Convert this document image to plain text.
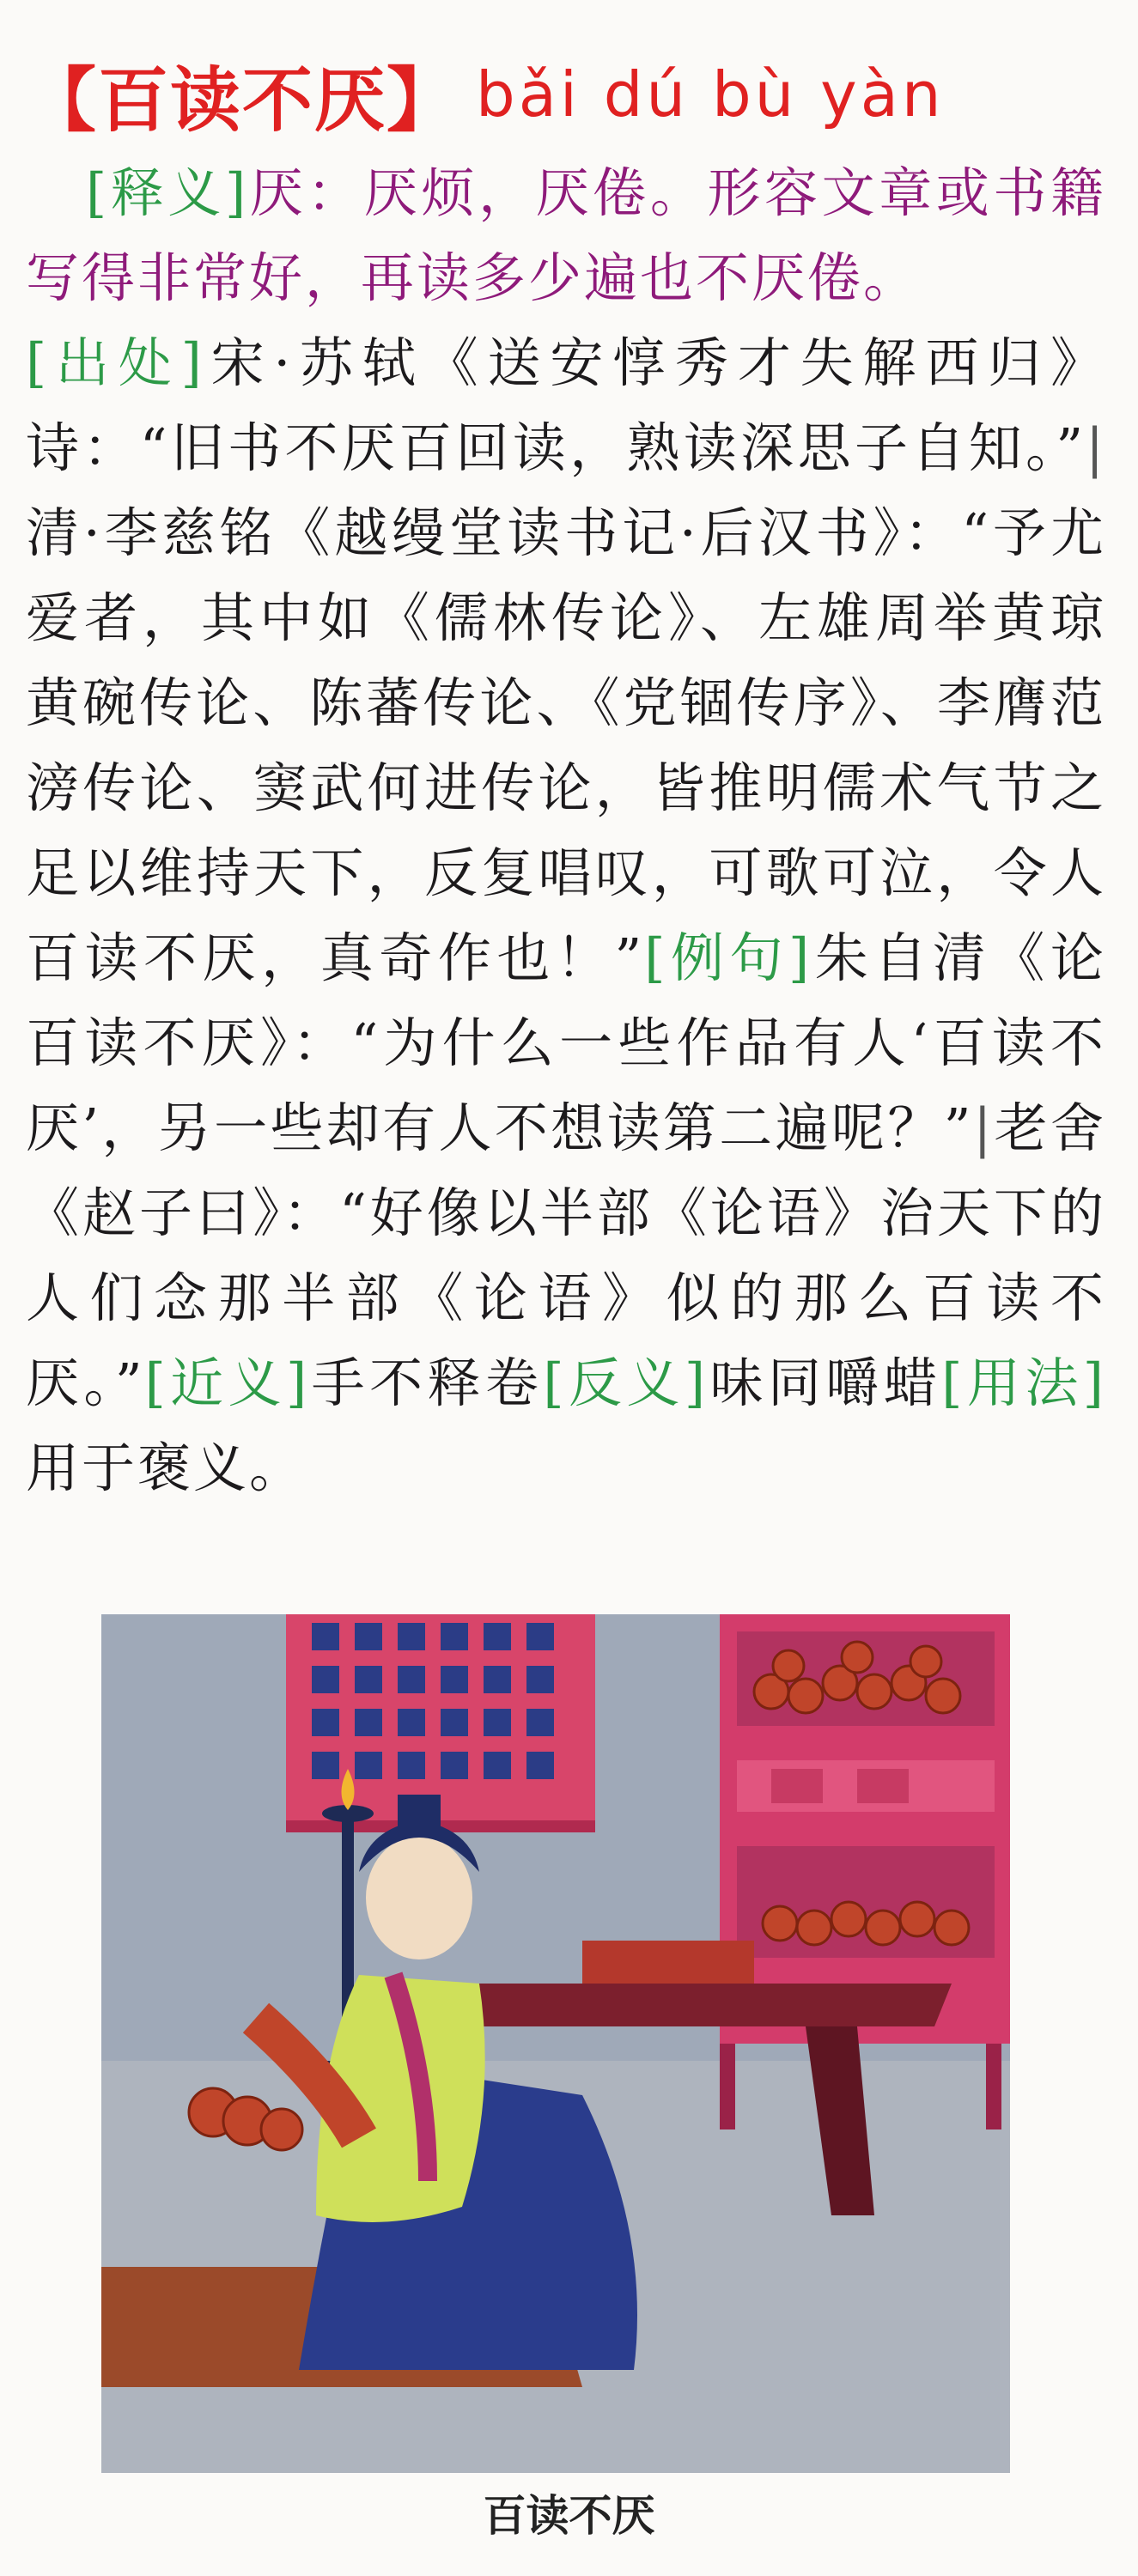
【百读不厌】 bǎi dú bù yàn

[释义]厌：厌烦，厌倦。形容文章或书籍写得非常好，再读多少遍也不厌倦。

[出处]宋·苏轼《送安惇秀才失解西归》诗：“旧书不厌百回读，熟读深思子自知。”|清·李慈铭《越缦堂读书记·后汉书》：“予尤爱者，其中如《儒林传论》、左雄周举黄琼黄碗传论、陈蕃传论、《党锢传序》、李膺范滂传论、窦武何进传论，皆推明儒术气节之足以维持天下，反复唱叹，可歌可泣，令人百读不厌，真奇作也！”[例句]朱自清《论百读不厌》：“为什么一些作品有人‘百读不厌’，另一些却有人不想读第二遍呢？”|老舍《赵子曰》：“好像以半部《论语》治天下的人们念那半部《论语》似的那么百读不厌。”[近义]手不释卷[反义]味同嚼蜡[用法]用于褒义。

百读不厌
